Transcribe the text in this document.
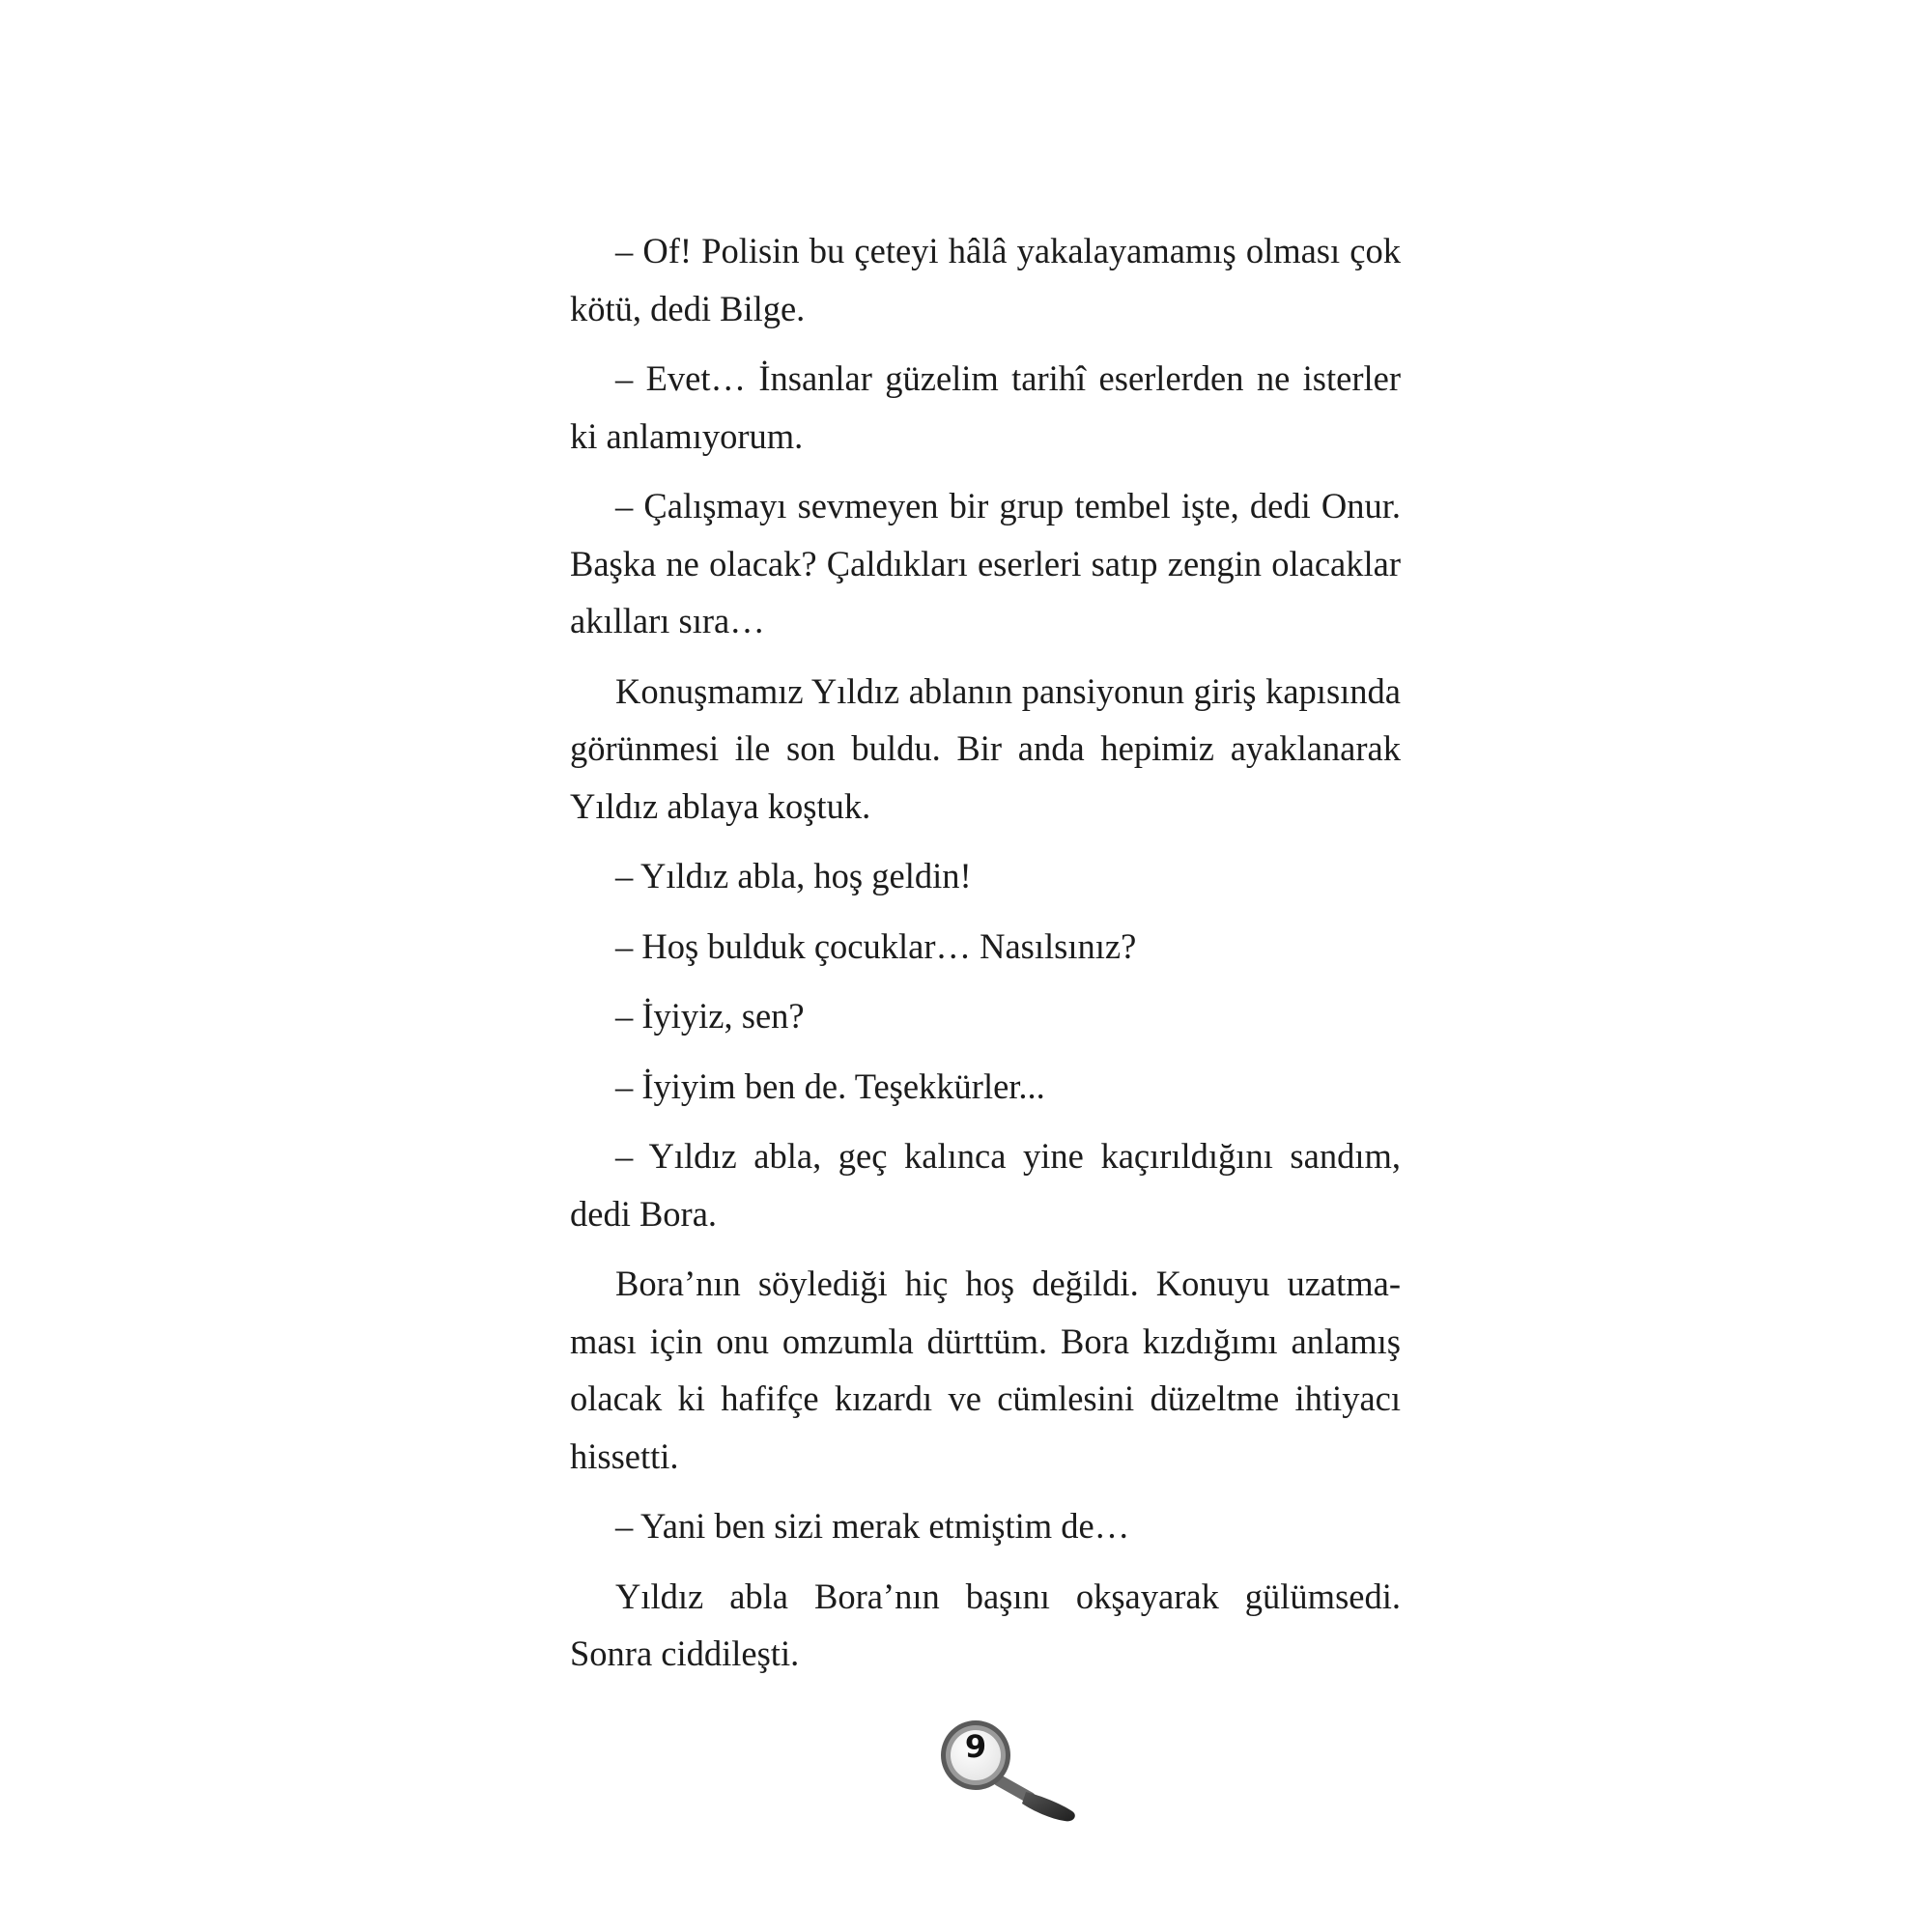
– Of! Polisin bu çeteyi hâlâ yakalayamamış olması çok kötü, dedi Bilge.

– Evet… İnsanlar güzelim tarihî eserlerden ne isterler ki anlamıyorum.

– Çalışmayı sevmeyen bir grup tembel işte, dedi Onur. Başka ne olacak? Çaldıkları eserleri satıp zengin olacaklar akılları sıra…

Konuşmamız Yıldız ablanın pansiyonun giriş kapısında görünmesi ile son buldu. Bir anda hepimiz ayaklanarak Yıldız ablaya koştuk.

– Yıldız abla, hoş geldin!

– Hoş bulduk çocuklar… Nasılsınız?

– İyiyiz, sen?

– İyiyim ben de. Teşekkürler...

– Yıldız abla, geç kalınca yine kaçırıldığını sandım, dedi Bora.

Bora’nın söylediği hiç hoş değildi. Konuyu uzatmaması için onu omzumla dürttüm. Bora kızdığımı anlamış olacak ki hafifçe kızardı ve cümlesini düzeltme ihtiyacı hissetti.

– Yani ben sizi merak etmiştim de…

Yıldız abla Bora’nın başını okşayarak gülümsedi. Sonra ciddileşti.

9
